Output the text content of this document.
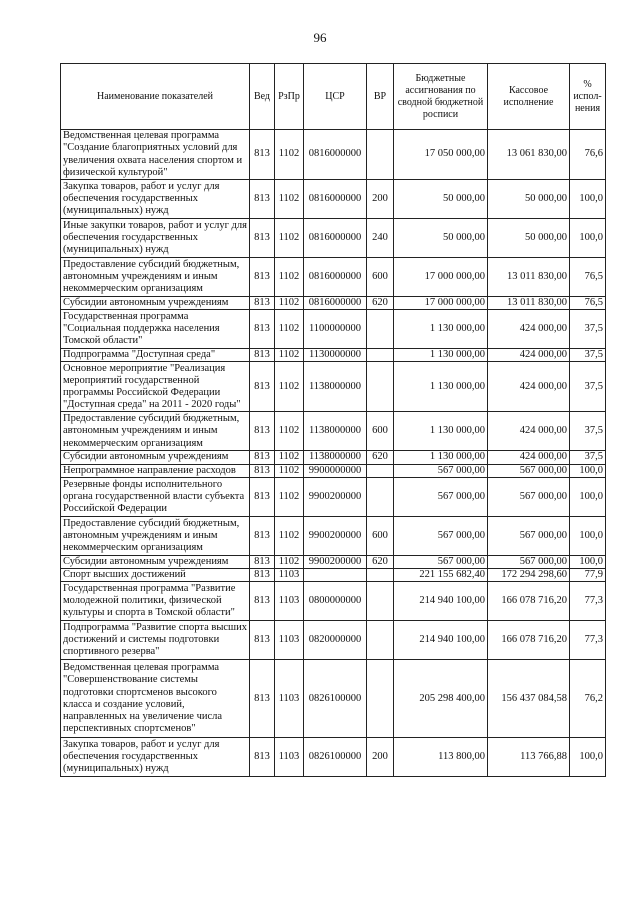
96
Наименование показателей	Вед	РзПр	ЦСР	ВР	Бюджетные ассигнования по сводной бюджетной росписи	Кассовое исполнение	% испол-нения
Ведомственная целевая программа "Создание благоприятных условий для увеличения охвата населения спортом и физической культурой"	813	1102	0816000000		17 050 000,00	13 061 830,00	76,6
Закупка товаров, работ и услуг для обеспечения государственных (муниципальных) нужд	813	1102	0816000000	200	50 000,00	50 000,00	100,0
Иные закупки товаров, работ и услуг для обеспечения государственных (муниципальных) нужд	813	1102	0816000000	240	50 000,00	50 000,00	100,0
Предоставление субсидий бюджетным, автономным учреждениям и иным некоммерческим организациям	813	1102	0816000000	600	17 000 000,00	13 011 830,00	76,5
Субсидии автономным учреждениям	813	1102	0816000000	620	17 000 000,00	13 011 830,00	76,5
Государственная программа "Социальная поддержка населения Томской области"	813	1102	1100000000		1 130 000,00	424 000,00	37,5
Подпрограмма "Доступная среда"	813	1102	1130000000		1 130 000,00	424 000,00	37,5
Основное мероприятие "Реализация мероприятий государственной программы Российской Федерации "Доступная среда" на 2011 - 2020 годы"	813	1102	1138000000		1 130 000,00	424 000,00	37,5
Предоставление субсидий бюджетным, автономным учреждениям и иным некоммерческим организациям	813	1102	1138000000	600	1 130 000,00	424 000,00	37,5
Субсидии автономным учреждениям	813	1102	1138000000	620	1 130 000,00	424 000,00	37,5
Непрограммное направление расходов	813	1102	9900000000		567 000,00	567 000,00	100,0
Резервные фонды исполнительного органа государственной власти субъекта Российской Федерации	813	1102	9900200000		567 000,00	567 000,00	100,0
Предоставление субсидий бюджетным, автономным учреждениям и иным некоммерческим организациям	813	1102	9900200000	600	567 000,00	567 000,00	100,0
Субсидии автономным учреждениям	813	1102	9900200000	620	567 000,00	567 000,00	100,0
Спорт высших достижений	813	1103			221 155 682,40	172 294 298,60	77,9
Государственная программа "Развитие молодежной политики, физической культуры и спорта в Томской области"	813	1103	0800000000		214 940 100,00	166 078 716,20	77,3
Подпрограмма "Развитие спорта высших достижений и системы подготовки спортивного резерва"	813	1103	0820000000		214 940 100,00	166 078 716,20	77,3
Ведомственная целевая программа "Совершенствование системы подготовки спортсменов высокого класса и создание условий, направленных на увеличение числа перспективных спортсменов"	813	1103	0826100000		205 298 400,00	156 437 084,58	76,2
Закупка товаров, работ и услуг для обеспечения государственных (муниципальных) нужд	813	1103	0826100000	200	113 800,00	113 766,88	100,0
